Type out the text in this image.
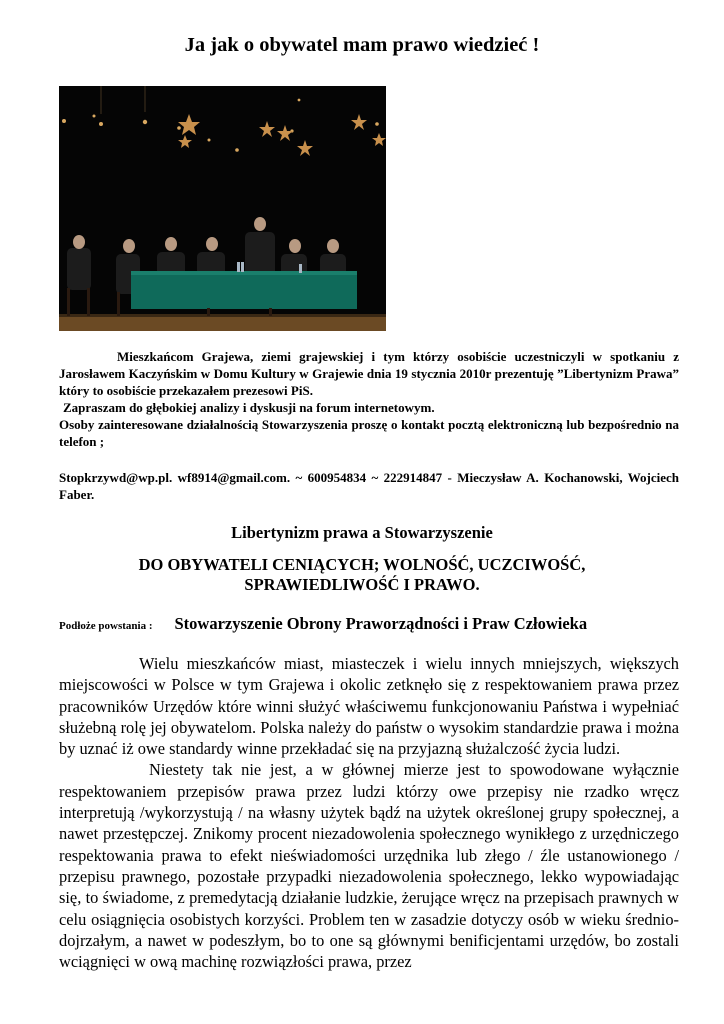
Ja jak o obywatel mam prawo wiedzieć !

Mieszkańcom Grajewa, ziemi grajewskiej i tym którzy osobiście uczestniczyli w spotkaniu z Jarosławem Kaczyńskim w Domu Kultury w Grajewie dnia 19 stycznia 2010r prezentuję ”Libertynizm Prawa” który to osobiście przekazałem prezesowi PiS.

Zapraszam do głębokiej analizy i dyskusji na forum internetowym.

Osoby zainteresowane działalnością Stowarzyszenia proszę o kontakt pocztą elektroniczną lub bezpośrednio na telefon ;

Stopkrzywd@wp.pl. wf8914@gmail.com. ~ 600954834 ~ 222914847 - Mieczysław A. Kochanowski, Wojciech Faber.
Libertynizm prawa a Stowarzyszenie
DO OBYWATELI CENIĄCYCH; WOLNOŚĆ, UCZCIWOŚĆ, SPRAWIEDLIWOŚĆ I PRAWO.
Podłoże powstania : Stowarzyszenie Obrony Praworządności i Praw Człowieka

Wielu mieszkańców miast, miasteczek i wielu innych mniejszych, większych miejscowości w Polsce w tym Grajewa i okolic zetknęło się z respektowaniem prawa przez pracowników Urzędów które winni służyć właściwemu funkcjonowaniu Państwa i wypełniać służebną rolę jej obywatelom. Polska należy do państw o wysokim standardzie prawa i można by uznać iż owe standardy winne przekładać się na przyjazną służalczość życia ludzi.

Niestety tak nie jest, a w głównej mierze jest to spowodowane wyłącznie respektowaniem przepisów prawa przez ludzi którzy owe przepisy nie rzadko wręcz interpretują /wykorzystują / na własny użytek bądź na użytek określonej grupy społecznej, a nawet przestępczej. Znikomy procent niezadowolenia społecznego wynikłego z urzędniczego respektowania prawa to efekt nieświadomości urzędnika lub złego / źle ustanowionego / przepisu prawnego, pozostałe przypadki niezadowolenia społecznego, lekko wypowiadając się, to świadome, z premedytacją działanie ludzkie, żerujące wręcz na przepisach prawnych w celu osiągnięcia osobistych korzyści. Problem ten w zasadzie dotyczy osób w wieku średnio-dojrzałym, a nawet w podeszłym, bo to one są głównymi benificjentami urzędów, bo zostali wciągnięci w ową machinę rozwiązłości prawa, przez
